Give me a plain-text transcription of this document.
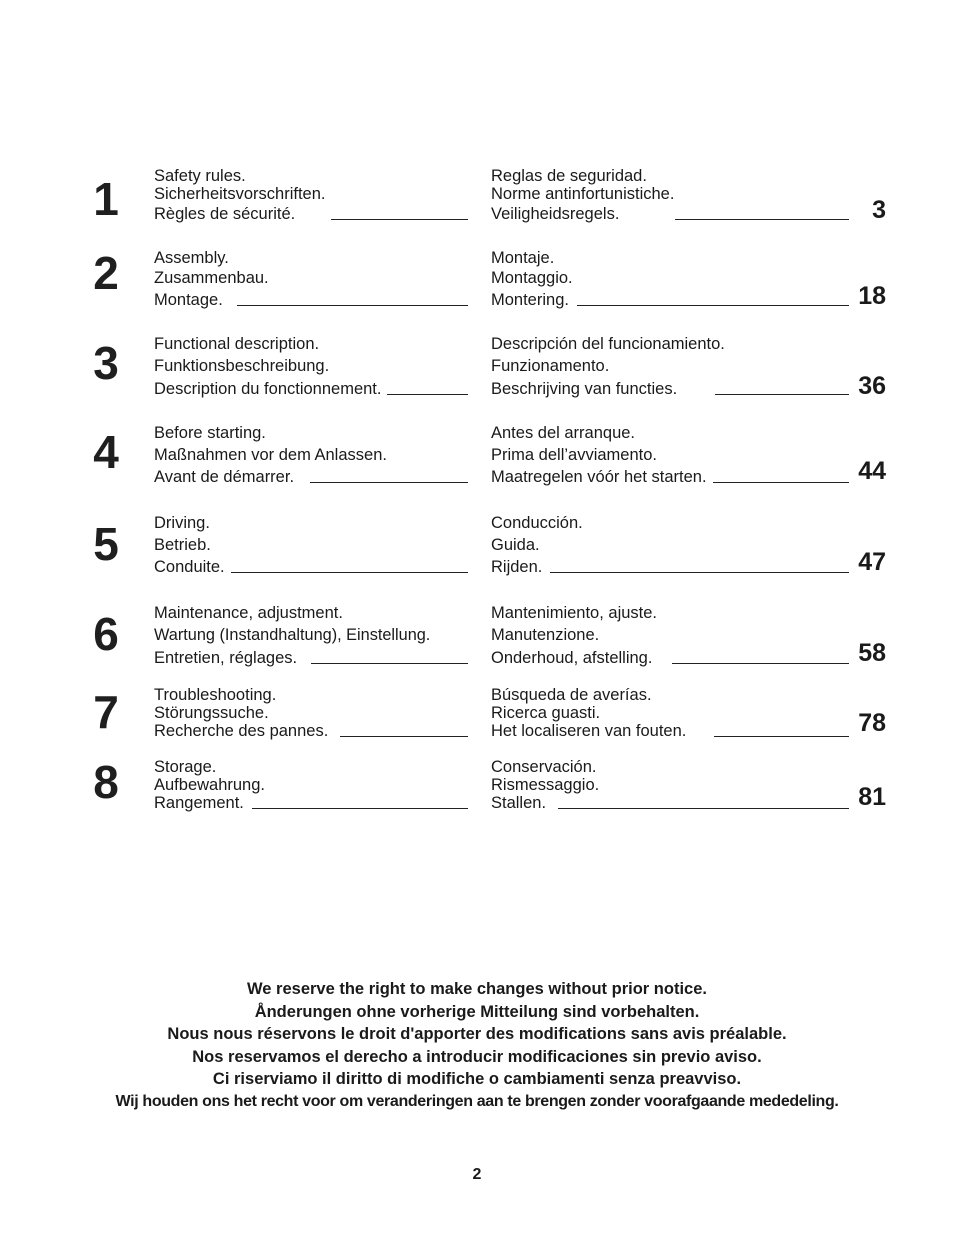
1	Safety rules.
Sicherheitsvorschriften.
Règles de sécurité.
Reglas de seguridad.
Norme antinfortunistiche.
Veiligheidsregels.	3
2	Assembly.
Zusammenbau.
Montage.
Montaje.
Montaggio.
Montering.	18
3	Functional description.
Funktionsbeschreibung.
Description du fonctionnement.
Descripción del funcionamiento.
Funzionamento.
Beschrijving van functies.	36
4	Before starting.
Maßnahmen vor dem Anlassen.
Avant de démarrer.
Antes del arranque.
Prima dell’avviamento.
Maatregelen vóór het starten.	44
5	Driving.
Betrieb.
Conduite.
Conducción.
Guida.
Rijden.	47
6	Maintenance, adjustment.
Wartung (Instandhaltung), Einstellung.
Entretien, réglages.
Mantenimiento, ajuste.
Manutenzione.
Onderhoud, afstelling.	58
7	Troubleshooting.
Störungssuche.
Recherche des pannes.
Búsqueda de averías.
Ricerca guasti.
Het localiseren van fouten.	78
8	Storage.
Aufbewahrung.
Rangement.
Conservación.
Rismessaggio.
Stallen.	81
We reserve the right to make changes without prior notice.
Ånderungen ohne vorherige Mitteilung sind vorbehalten.
Nous nous réservons le droit d'apporter des modifications sans avis préalable.
Nos reservamos el derecho a introducir modificaciones sin previo aviso.
Ci riserviamo il diritto di modifiche o cambiamenti senza preavviso.
Wij houden ons het recht voor om veranderingen aan te brengen zonder voorafgaande mededeling.
2
